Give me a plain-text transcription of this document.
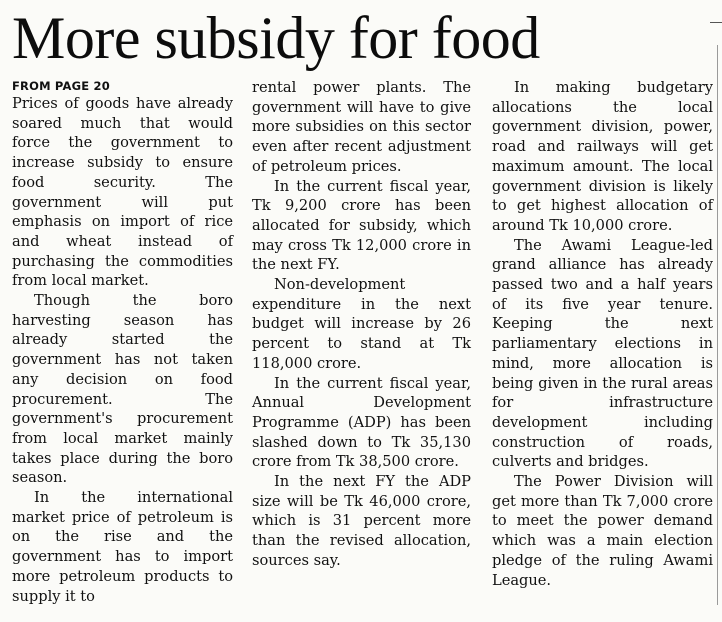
More subsidy for food
FROM PAGE 20

Prices of goods have already soared much that would force the government to increase subsidy to ensure food security. The government will put emphasis on import of rice and wheat instead of purchasing the commodities from local market.

Though the boro harvesting season has already started the government has not taken any decision on food procurement. The government's procurement from local market mainly takes place during the boro season.

In the international market price of petroleum is on the rise and the government has to import more petroleum products to supply it to

rental power plants. The government will have to give more subsidies on this sector even after recent adjustment of petroleum prices.

In the current fiscal year, Tk 9,200 crore has been allocated for subsidy, which may cross Tk 12,000 crore in the next FY.

Non-development expenditure in the next budget will increase by 26 percent to stand at Tk 118,000 crore.

In the current fiscal year, Annual Development Programme (ADP) has been slashed down to Tk 35,130 crore from Tk 38,500 crore.

In the next FY the ADP size will be Tk 46,000 crore, which is 31 percent more than the revised allocation, sources say.

In making budgetary allocations the local government division, power, road and railways will get maximum amount. The local government division is likely to get highest allocation of around Tk 10,000 crore.

The Awami League-led grand alliance has already passed two and a half years of its five year tenure. Keeping the next parliamentary elections in mind, more allocation is being given in the rural areas for infrastructure development including construction of roads, culverts and bridges.

The Power Division will get more than Tk 7,000 crore to meet the power demand which was a main election pledge of the ruling Awami League.
